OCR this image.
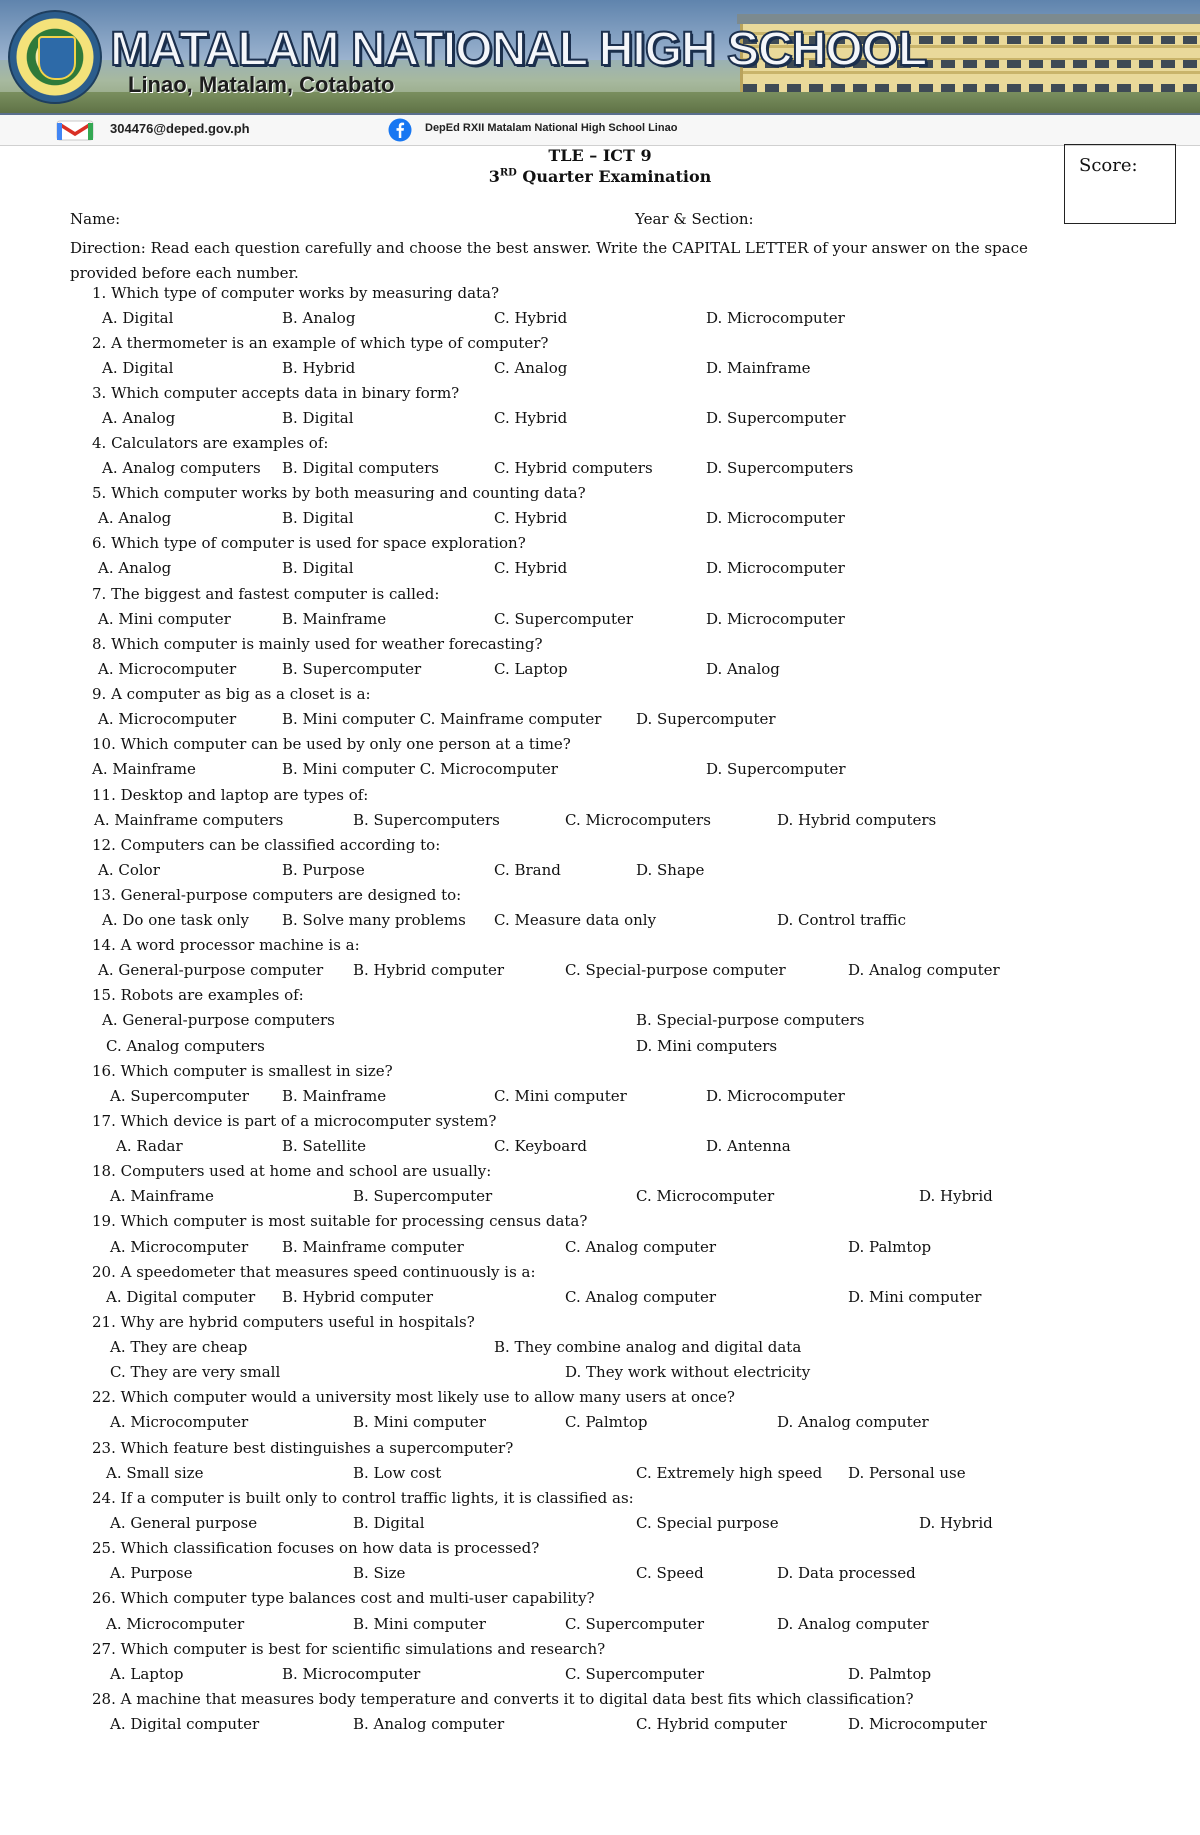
MATALAM NATIONAL HIGH SCHOOL

Linao, Matalam, Cotabato

304476@deped.gov.ph	DepEd RXII Matalam National High School Linao
TLE – ICT 9
3RD Quarter Examination
Score:
Name:	Year & Section:
Direction: Read each question carefully and choose the best answer. Write the CAPITAL LETTER of your answer on the space provided before each number.
1. Which type of computer works by measuring data?
A. Digital	B. Analog	C. Hybrid	D. Microcomputer
2. A thermometer is an example of which type of computer?
A. Digital	B. Hybrid	C. Analog	D. Mainframe
3. Which computer accepts data in binary form?
A. Analog	B. Digital	C. Hybrid	D. Supercomputer
4. Calculators are examples of:
A. Analog computers B. Digital computers	C. Hybrid computers	D. Supercomputers
5. Which computer works by both measuring and counting data?
A. Analog	B. Digital	C. Hybrid	D. Microcomputer
6. Which type of computer is used for space exploration?
A. Analog	B. Digital	C. Hybrid	D. Microcomputer
7. The biggest and fastest computer is called:
A. Mini computer	B. Mainframe	C. Supercomputer	D. Microcomputer
8. Which computer is mainly used for weather forecasting?
A. Microcomputer	B. Supercomputer	C. Laptop	D. Analog
9. A computer as big as a closet is a:
A. Microcomputer	B. Mini computer C. Mainframe computer D. Supercomputer
10. Which computer can be used by only one person at a time?
A. Mainframe	B. Mini computer C. Microcomputer	D. Supercomputer
11. Desktop and laptop are types of:
A. Mainframe computers	B. Supercomputers	C. Microcomputers	D. Hybrid computers
12. Computers can be classified according to:
A. Color	B. Purpose	C. Brand	D. Shape
13. General-purpose computers are designed to:
A. Do one task only B. Solve many problems C. Measure data only	D. Control traffic
14. A word processor machine is a:
A. General-purpose computer B. Hybrid computer	C. Special-purpose computer	D. Analog computer
15. Robots are examples of:
A. General-purpose computers	B. Special-purpose computers
C. Analog computers	D. Mini computers
16. Which computer is smallest in size?
A. Supercomputer B. Mainframe	C. Mini computer	D. Microcomputer
17. Which device is part of a microcomputer system?
A. Radar	B. Satellite	C. Keyboard	D. Antenna
18. Computers used at home and school are usually:
A. Mainframe	B. Supercomputer	C. Microcomputer	D. Hybrid
19. Which computer is most suitable for processing census data?
A. Microcomputer B. Mainframe computer	C. Analog computer	D. Palmtop
20. A speedometer that measures speed continuously is a:
A. Digital computer B. Hybrid computer	C. Analog computer	D. Mini computer
21. Why are hybrid computers useful in hospitals?
A. They are cheap	B. They combine analog and digital data
C. They are very small	D. They work without electricity
22. Which computer would a university most likely use to allow many users at once?
A. Microcomputer	B. Mini computer	C. Palmtop	D. Analog computer
23. Which feature best distinguishes a supercomputer?
A. Small size	B. Low cost	C. Extremely high speed D. Personal use
24. If a computer is built only to control traffic lights, it is classified as:
A. General purpose	B. Digital	C. Special purpose	D. Hybrid
25. Which classification focuses on how data is processed?
A. Purpose	B. Size	C. Speed	D. Data processed
26. Which computer type balances cost and multi-user capability?
A. Microcomputer	B. Mini computer	C. Supercomputer	D. Analog computer
27. Which computer is best for scientific simulations and research?
A. Laptop	B. Microcomputer	C. Supercomputer	D. Palmtop
28. A machine that measures body temperature and converts it to digital data best fits which classification?
A. Digital computer	B. Analog computer	C. Hybrid computer	D. Microcomputer
